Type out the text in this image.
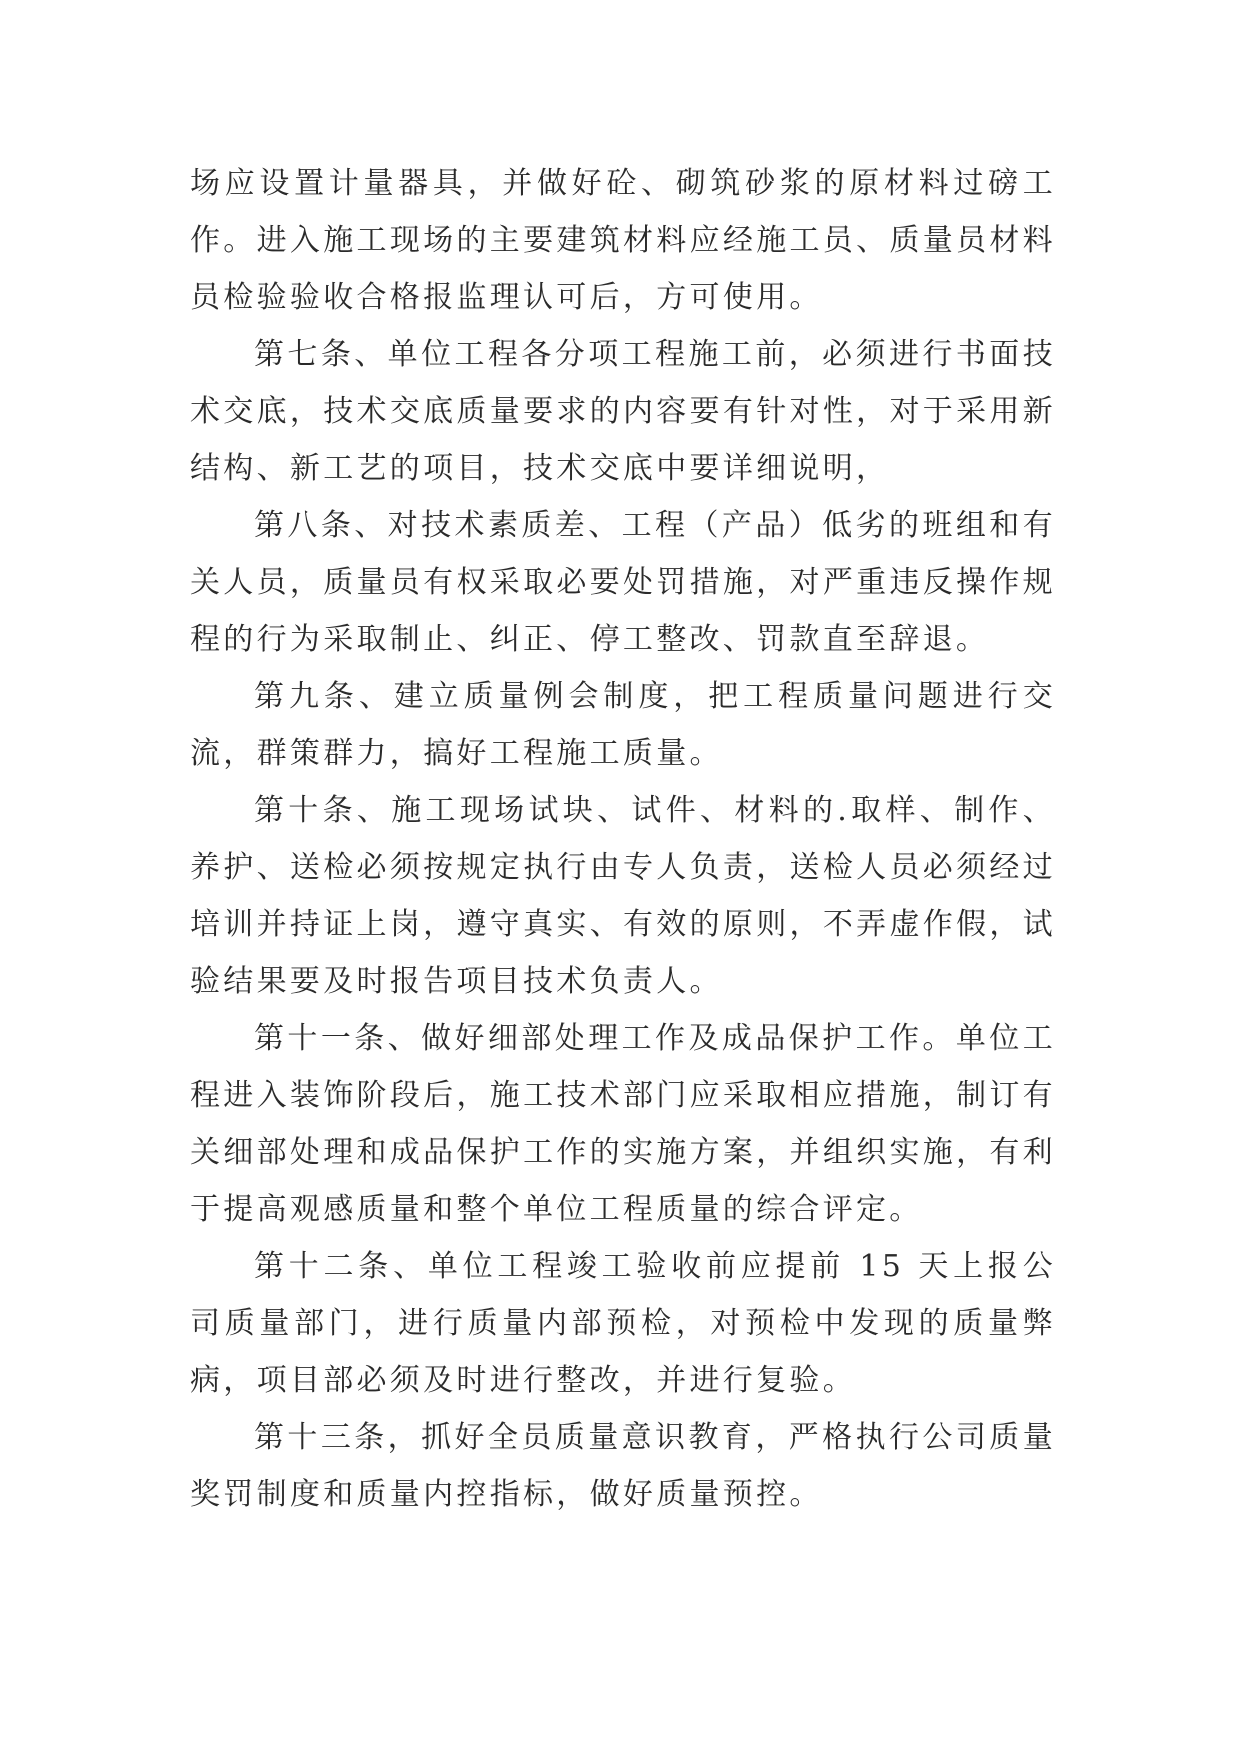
场应设置计量器具，并做好砼、砌筑砂浆的原材料过磅工作。进入施工现场的主要建筑材料应经施工员、质量员材料员检验验收合格报监理认可后，方可使用。

第七条、单位工程各分项工程施工前，必须进行书面技术交底，技术交底质量要求的内容要有针对性，对于采用新结构、新工艺的项目，技术交底中要详细说明，

第八条、对技术素质差、工程（产品）低劣的班组和有关人员，质量员有权采取必要处罚措施，对严重违反操作规程的行为采取制止、纠正、停工整改、罚款直至辞退。

第九条、建立质量例会制度，把工程质量问题进行交流，群策群力，搞好工程施工质量。

第十条、施工现场试块、试件、材料的.取样、制作、养护、送检必须按规定执行由专人负责，送检人员必须经过培训并持证上岗，遵守真实、有效的原则，不弄虚作假，试验结果要及时报告项目技术负责人。

第十一条、做好细部处理工作及成品保护工作。单位工程进入装饰阶段后，施工技术部门应采取相应措施，制订有关细部处理和成品保护工作的实施方案，并组织实施，有利于提高观感质量和整个单位工程质量的综合评定。

第十二条、单位工程竣工验收前应提前 15 天上报公司质量部门，进行质量内部预检，对预检中发现的质量弊病，项目部必须及时进行整改，并进行复验。

第十三条，抓好全员质量意识教育，严格执行公司质量奖罚制度和质量内控指标，做好质量预控。
